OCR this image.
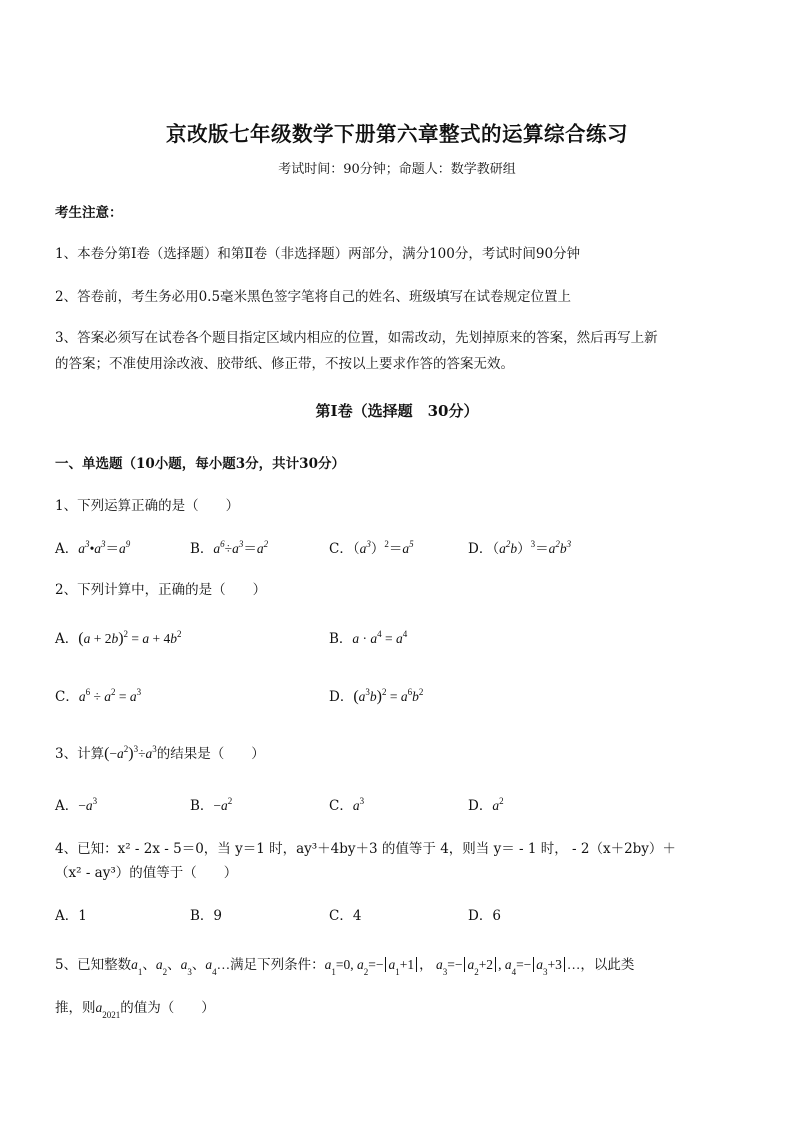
京改版七年级数学下册第六章整式的运算综合练习
考试时间：90分钟；命题人：数学教研组
考生注意：
1、本卷分第Ⅰ卷（选择题）和第Ⅱ卷（非选择题）两部分，满分100分，考试时间90分钟
2、答卷前，考生务必用0.5毫米黑色签字笔将自己的姓名、班级填写在试卷规定位置上
3、答案必须写在试卷各个题目指定区域内相应的位置，如需改动，先划掉原来的答案，然后再写上新
的答案；不准使用涂改液、胶带纸、修正带，不按以上要求作答的答案无效。
第Ⅰ卷（选择题　30分）
一、单选题（10小题，每小题3分，共计30分）
1、下列运算正确的是（　　）
A．$a^3•a^3=a^9$	B．$a^6\div a^3=a^2$	C．$(a^3)^2=a^5$	D．$(a^2b)^3=a^2b^3$
2、下列计算中，正确的是（　　）
A．$(a + 2b)^2 = a + 4b^2$	B．$a \cdot a^4 = a^4$
C．$a^6 \div a^2 = a^3$	D．$(a^3b)^2 = a^6b^2$
3、计算$(-a^2)^3\div a^3$的结果是（　　）
A．$-a^3$	B．$-a^2$	C．$a^3$	D．$a^2$
4、已知：x² - 2x - 5＝0，当 y＝1 时，ay³＋4by＋3 的值等于 4，则当 y＝ - 1 时， - 2（x＋2by）＋
（x² - ay³）的值等于（　　）
A．1	B．9	C．4	D．6
5、已知整数$a_1$、$a_2$、$a_3$、$a_4\dots$满足下列条件：$a_1=0$, $a_2=- a_1+1$ ， $a_3=- a_2+2$ , $a_4=- a_3+3$ …，以此类
推，则$a_{2021}$的值为（　　）
